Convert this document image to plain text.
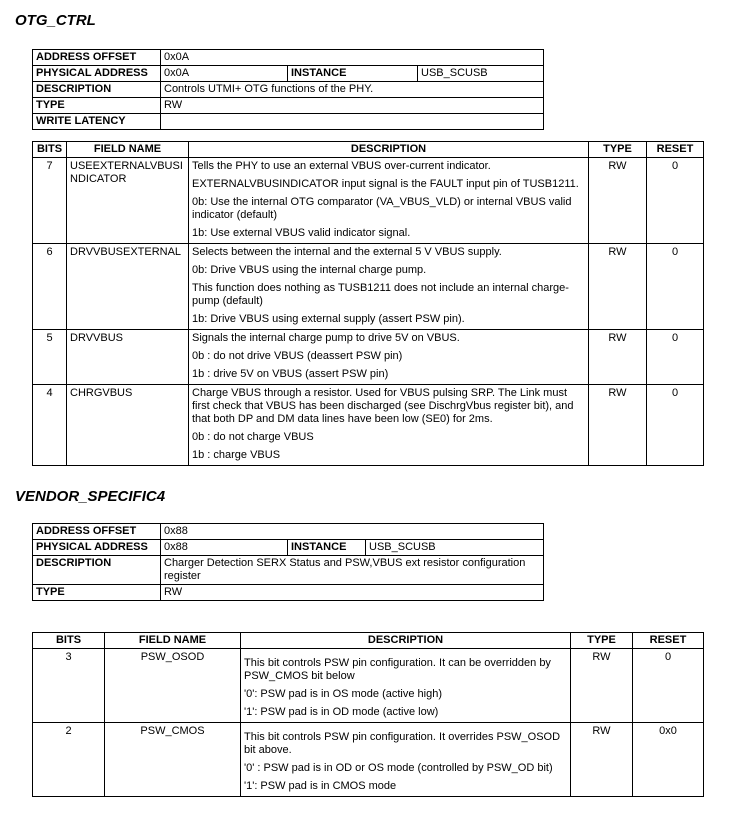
OTG_CTRL
ADDRESS OFFSET	0x0A		
PHYSICAL ADDRESS	0x0A	INSTANCE	USB_SCUSB
DESCRIPTION	Controls UTMI+ OTG functions of the PHY.		
TYPE	RW		
WRITE LATENCY			
BITS	FIELD NAME	DESCRIPTION	TYPE	RESET
7	USEEXTERNALVBUSINDICATOR	Tells the PHY to use an external VBUS over-current indicator.

EXTERNALVBUSINDICATOR input signal is the FAULT input pin of TUSB1211.

0b: Use the internal OTG comparator (VA_VBUS_VLD) or internal VBUS valid indicator (default)

1b: Use external VBUS valid indicator signal.	RW	0
6	DRVVBUSEXTERNAL	Selects between the internal and the external 5 V VBUS supply.

0b: Drive VBUS using the internal charge pump.

This function does nothing as TUSB1211 does not include an internal charge-pump (default)

1b: Drive VBUS using external supply (assert PSW pin).	RW	0
5	DRVVBUS	Signals the internal charge pump to drive 5V on VBUS.

0b : do not drive VBUS (deassert PSW pin)

1b : drive 5V on VBUS (assert PSW pin)	RW	0
4	CHRGVBUS	Charge VBUS through a resistor. Used for VBUS pulsing SRP. The Link must first check that VBUS has been discharged (see DischrgVbus register bit), and that both DP and DM data lines have been low (SE0) for 2ms.

0b : do not charge VBUS

1b : charge VBUS	RW	0
VENDOR_SPECIFIC4
ADDRESS OFFSET	0x88		
PHYSICAL ADDRESS	0x88	INSTANCE	USB_SCUSB
DESCRIPTION	Charger Detection SERX Status and PSW,VBUS ext resistor configuration register		
TYPE	RW		
BITS	FIELD NAME	DESCRIPTION	TYPE	RESET
3	PSW_OSOD	This bit controls PSW pin configuration. It can be overridden by PSW_CMOS bit below

'0': PSW pad is in OS mode (active high)

'1': PSW pad is in OD mode (active low)	RW	0
2	PSW_CMOS	This bit controls PSW pin configuration. It overrides PSW_OSOD bit above.

'0' : PSW pad is in OD or OS mode (controlled by PSW_OD bit)

'1': PSW pad is in CMOS mode	RW	0x0
